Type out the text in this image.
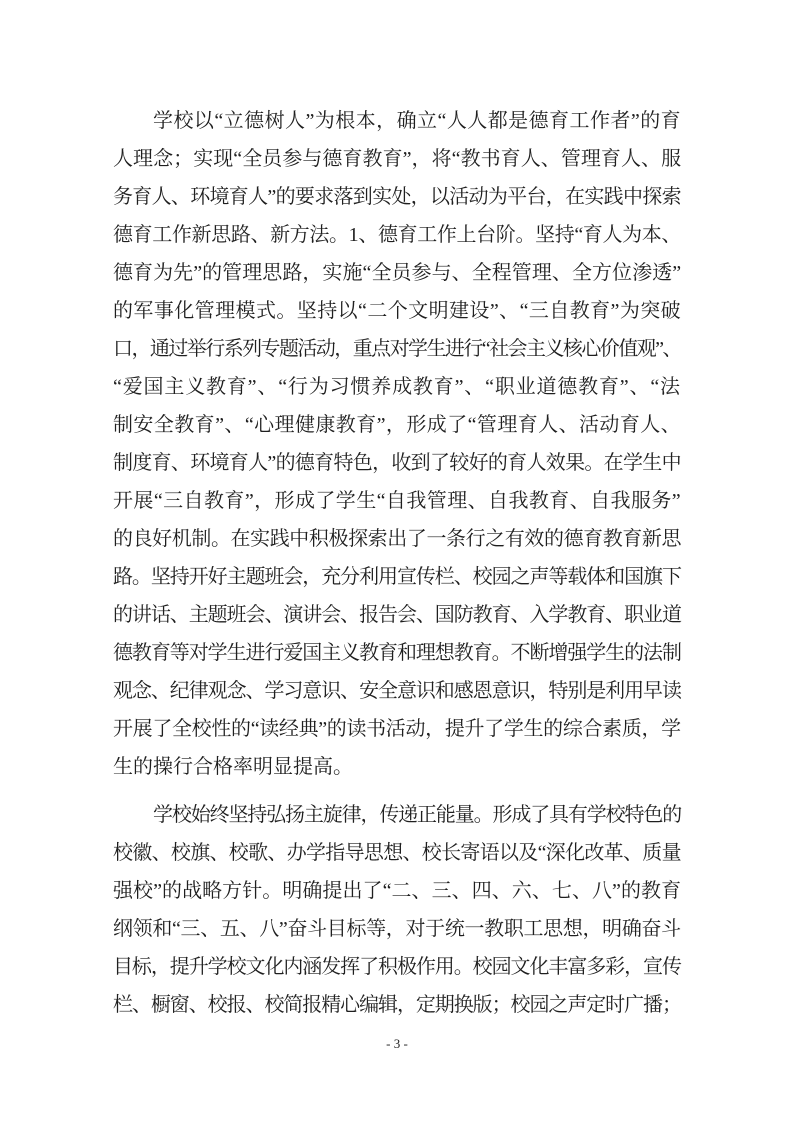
学校以“立德树人”为根本，确立“人人都是德育工作者”的育
人理念；实现“全员参与德育教育”，将“教书育人、管理育人、服
务育人、环境育人”的要求落到实处，以活动为平台，在实践中探索
德育工作新思路、新方法。1、德育工作上台阶。坚持“育人为本、
德育为先”的管理思路，实施“全员参与、全程管理、全方位渗透”
的军事化管理模式。坚持以“二个文明建设”、“三自教育”为突破
口，通过举行系列专题活动，重点对学生进行“社会主义核心价值观”、
“爱国主义教育”、“行为习惯养成教育”、“职业道德教育”、“法
制安全教育”、“心理健康教育”，形成了“管理育人、活动育人、
制度育、环境育人”的德育特色，收到了较好的育人效果。在学生中
开展“三自教育”，形成了学生“自我管理、自我教育、自我服务”
的良好机制。在实践中积极探索出了一条行之有效的德育教育新思
路。坚持开好主题班会，充分利用宣传栏、校园之声等载体和国旗下
的讲话、主题班会、演讲会、报告会、国防教育、入学教育、职业道
德教育等对学生进行爱国主义教育和理想教育。不断增强学生的法制
观念、纪律观念、学习意识、安全意识和感恩意识，特别是利用早读
开展了全校性的“读经典”的读书活动，提升了学生的综合素质，学
生的操行合格率明显提高。
学校始终坚持弘扬主旋律，传递正能量。形成了具有学校特色的
校徽、校旗、校歌、办学指导思想、校长寄语以及“深化改革、质量
强校”的战略方针。明确提出了“二、三、四、六、七、八”的教育
纲领和“三、五、八”奋斗目标等，对于统一教职工思想，明确奋斗
目标，提升学校文化内涵发挥了积极作用。校园文化丰富多彩，宣传
栏、橱窗、校报、校简报精心编辑，定期换版；校园之声定时广播；
- 3 -
